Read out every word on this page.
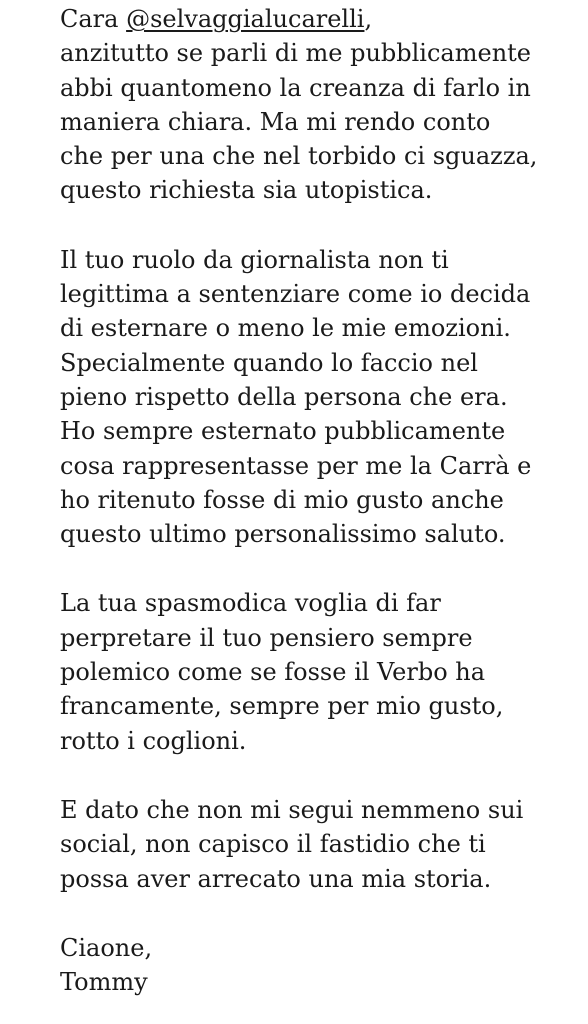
Cara @selvaggialucarelli,
anzitutto se parli di me pubblicamente
abbi quantomeno la creanza di farlo in
maniera chiara. Ma mi rendo conto
che per una che nel torbido ci sguazza,
questo richiesta sia utopistica.
Il tuo ruolo da giornalista non ti
legittima a sentenziare come io decida
di esternare o meno le mie emozioni.
Specialmente quando lo faccio nel
pieno rispetto della persona che era.
Ho sempre esternato pubblicamente
cosa rappresentasse per me la Carrà e
ho ritenuto fosse di mio gusto anche
questo ultimo personalissimo saluto.
La tua spasmodica voglia di far
perpretare il tuo pensiero sempre
polemico come se fosse il Verbo ha
francamente, sempre per mio gusto,
rotto i coglioni.
E dato che non mi segui nemmeno sui
social, non capisco il fastidio che ti
possa aver arrecato una mia storia.
Ciaone,
Tommy
